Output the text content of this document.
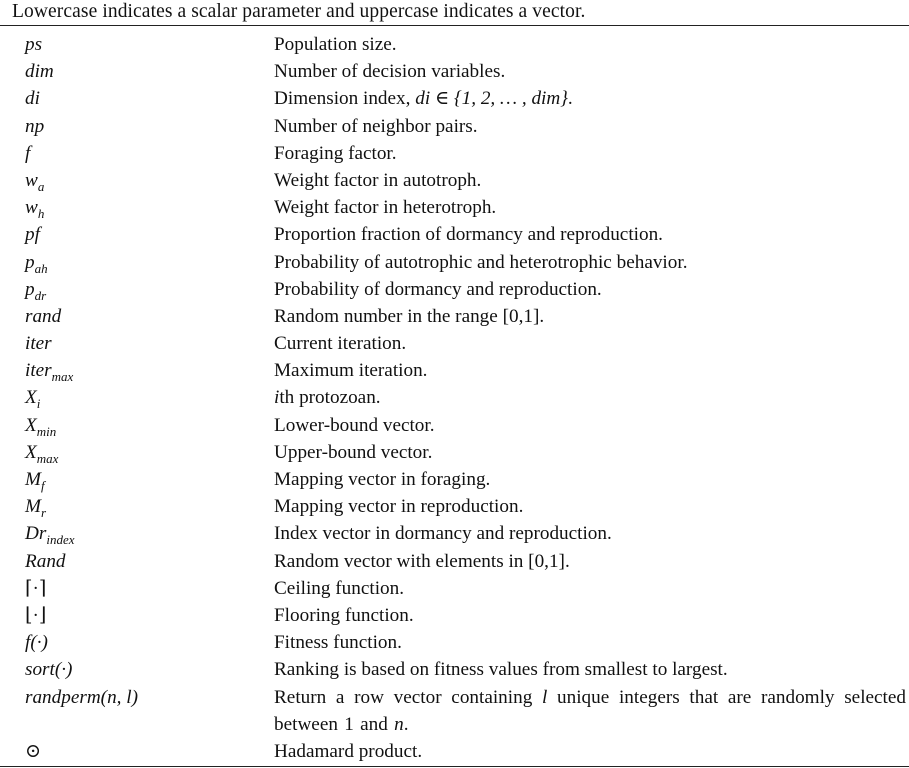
Lowercase indicates a scalar parameter and uppercase indicates a vector.
ps	Population size.
dim	Number of decision variables.
di	Dimension index, di ∈ {1, 2, … , dim}.
np	Number of neighbor pairs.
f	Foraging factor.
$w_a$	Weight factor in autotroph.
$w_h$	Weight factor in heterotroph.
pf	Proportion fraction of dormancy and reproduction.
$p_{ah}$	Probability of autotrophic and heterotrophic behavior.
$p_{dr}$	Probability of dormancy and reproduction.
rand	Random number in the range [0,1].
iter	Current iteration.
iter$_{max}$	Maximum iteration.
$X_i$	ith protozoan.
$X_{min}$	Lower-bound vector.
$X_{max}$	Upper-bound vector.
$M_f$	Mapping vector in foraging.
$M_r$	Mapping vector in reproduction.
$Dr_{index}$	Index vector in dormancy and reproduction.
Rand	Random vector with elements in [0,1].
⌈·⌉	Ceiling function.
⌊·⌋	Flooring function.
f(·)	Fitness function.
sort(·)	Ranking is based on fitness values from smallest to largest.
randperm(n, l)	Return a row vector containing l unique integers that are randomly selected between 1 and n.
⊙	Hadamard product.
